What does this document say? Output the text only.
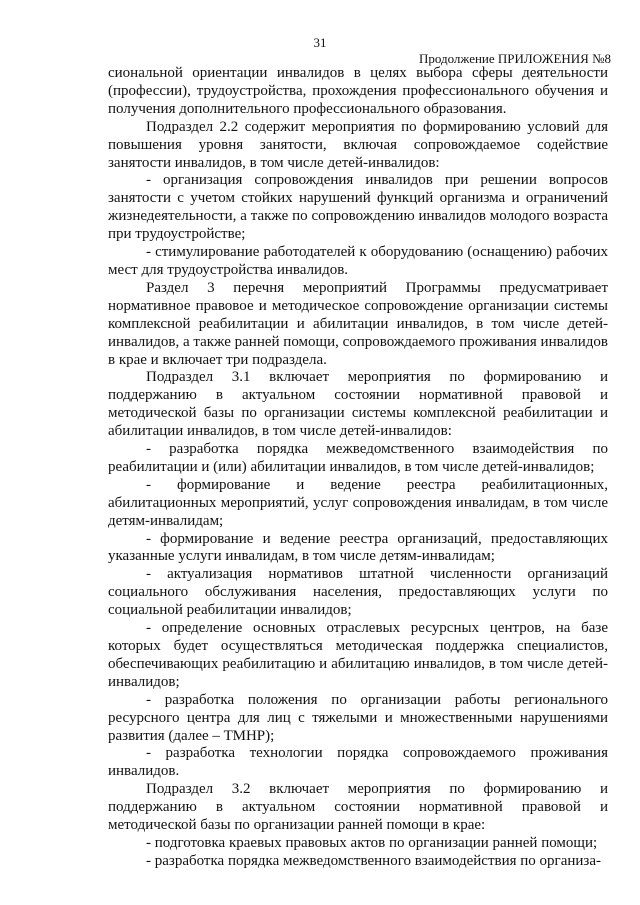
31
Продолжение ПРИЛОЖЕНИЯ №8

сиональной ориентации инвалидов в целях выбора сферы деятельности (профессии), трудоустройства, прохождения профессионального обучения и получения дополнительного профессионального образования.

Подраздел 2.2 содержит мероприятия по формированию условий для повышения уровня занятости, включая сопровождаемое содействие занятости инвалидов, в том числе детей-инвалидов:

- организация сопровождения инвалидов при решении вопросов занятости с учетом стойких нарушений функций организма и ограничений жизнедеятельности, а также по сопровождению инвалидов молодого возраста при трудоустройстве;

- стимулирование работодателей к оборудованию (оснащению) рабочих мест для трудоустройства инвалидов.

Раздел 3 перечня мероприятий Программы предусматривает нормативное правовое и методическое сопровождение организации системы комплексной реабилитации и абилитации инвалидов, в том числе детей-инвалидов, а также ранней помощи, сопровождаемого проживания инвалидов в крае и включает три подраздела.

Подраздел 3.1 включает мероприятия по формированию и поддержанию в актуальном состоянии нормативной правовой и методической базы по организации системы комплексной реабилитации и абилитации инвалидов, в том числе детей-инвалидов:

- разработка порядка межведомственного взаимодействия по реабилитации и (или) абилитации инвалидов, в том числе детей-инвалидов;

- формирование и ведение реестра реабилитационных, абилитационных мероприятий, услуг сопровождения инвалидам, в том числе детям-инвалидам;

- формирование и ведение реестра организаций, предоставляющих указанные услуги инвалидам, в том числе детям-инвалидам;

- актуализация нормативов штатной численности организаций социального обслуживания населения, предоставляющих услуги по социальной реабилитации инвалидов;

- определение основных отраслевых ресурсных центров, на базе которых будет осуществляться методическая поддержка специалистов, обеспечивающих реабилитацию и абилитацию инвалидов, в том числе детей-инвалидов;

- разработка положения по организации работы регионального ресурсного центра для лиц с тяжелыми и множественными нарушениями развития (далее – ТМНР);

- разработка технологии порядка сопровождаемого проживания инвалидов.

Подраздел 3.2 включает мероприятия по формированию и поддержанию в актуальном состоянии нормативной правовой и методической базы по организации ранней помощи в крае:

- подготовка краевых правовых актов по организации ранней помощи;

- разработка порядка межведомственного взаимодействия по организа-
